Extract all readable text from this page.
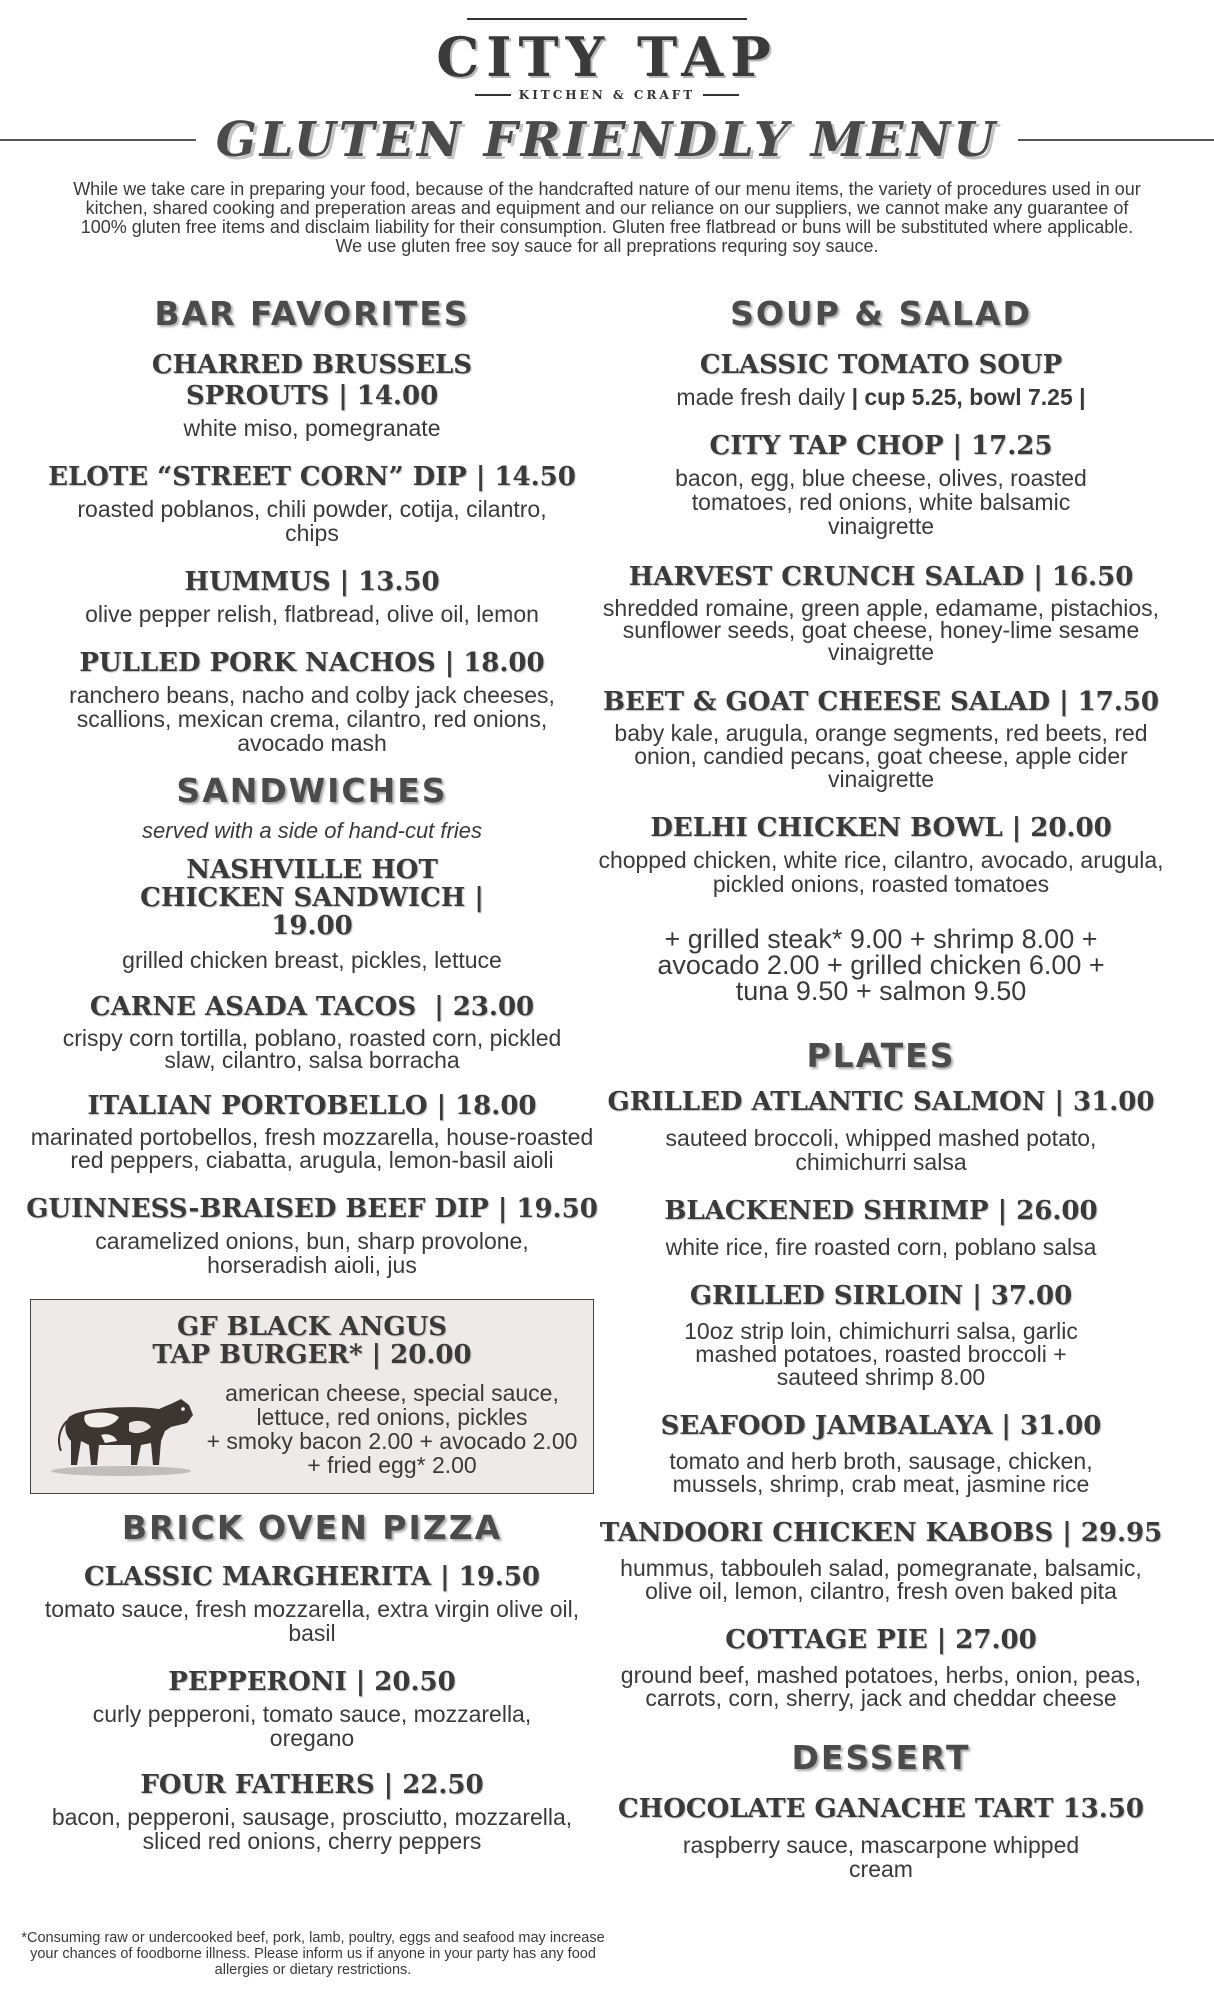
CITY TAP
KITCHEN & CRAFT
GLUTEN FRIENDLY MENU
While we take care in preparing your food, because of the handcrafted nature of our menu items, the variety of procedures used in our kitchen, shared cooking and preperation areas and equipment and our reliance on our suppliers, we cannot make any guarantee of 100% gluten free items and disclaim liability for their consumption. Gluten free flatbread or buns will be substituted where applicable. We use gluten free soy sauce for all preprations requring soy sauce.
BAR FAVORITES
CHARRED BRUSSELS SPROUTS | 14.00
white miso, pomegranate
ELOTE “STREET CORN” DIP | 14.50
roasted poblanos, chili powder, cotija, cilantro, chips
HUMMUS | 13.50
olive pepper relish, flatbread, olive oil, lemon
PULLED PORK NACHOS | 18.00
ranchero beans, nacho and colby jack cheeses, scallions, mexican crema, cilantro, red onions, avocado mash
SANDWICHES
served with a side of hand-cut fries
NASHVILLE HOT CHICKEN SANDWICH | 19.00
grilled chicken breast, pickles, lettuce
CARNE ASADA TACOS  | 23.00
crispy corn tortilla, poblano, roasted corn, pickled slaw, cilantro, salsa borracha
ITALIAN PORTOBELLO | 18.00
marinated portobellos, fresh mozzarella, house-roasted red peppers, ciabatta, arugula, lemon-basil aioli
GUINNESS-BRAISED BEEF DIP | 19.50
caramelized onions, bun, sharp provolone, horseradish aioli, jus
GF BLACK ANGUS
TAP BURGER* | 20.00
american cheese, special sauce, lettuce, red onions, pickles
+ smoky bacon 2.00 + avocado 2.00 + fried egg* 2.00
BRICK OVEN PIZZA
CLASSIC MARGHERITA | 19.50
tomato sauce, fresh mozzarella, extra virgin olive oil, basil
PEPPERONI | 20.50
curly pepperoni, tomato sauce, mozzarella, oregano
FOUR FATHERS | 22.50
bacon, pepperoni, sausage, prosciutto, mozzarella, sliced red onions, cherry peppers
*Consuming raw or undercooked beef, pork, lamb, poultry, eggs and seafood may increase your chances of foodborne illness. Please inform us if anyone in your party has any food allergies or dietary restrictions.
SOUP & SALAD
CLASSIC TOMATO SOUP
made fresh daily | cup 5.25, bowl 7.25 |
CITY TAP CHOP | 17.25
bacon, egg, blue cheese, olives, roasted tomatoes, red onions, white balsamic vinaigrette
HARVEST CRUNCH SALAD | 16.50
shredded romaine, green apple, edamame, pistachios, sunflower seeds, goat cheese, honey-lime sesame vinaigrette
BEET & GOAT CHEESE SALAD | 17.50
baby kale, arugula, orange segments, red beets, red onion, candied pecans, goat cheese, apple cider vinaigrette
DELHI CHICKEN BOWL | 20.00
chopped chicken, white rice, cilantro, avocado, arugula, pickled onions, roasted tomatoes
+ grilled steak* 9.00 + shrimp 8.00 + avocado 2.00 + grilled chicken 6.00 + tuna 9.50 + salmon 9.50
PLATES
GRILLED ATLANTIC SALMON | 31.00
sauteed broccoli, whipped mashed potato, chimichurri salsa
BLACKENED SHRIMP | 26.00
white rice, fire roasted corn, poblano salsa
GRILLED SIRLOIN | 37.00
10oz strip loin, chimichurri salsa, garlic mashed potatoes, roasted broccoli + sauteed shrimp 8.00
SEAFOOD JAMBALAYA | 31.00
tomato and herb broth, sausage, chicken, mussels, shrimp, crab meat, jasmine rice
TANDOORI CHICKEN KABOBS | 29.95
hummus, tabbouleh salad, pomegranate, balsamic, olive oil, lemon, cilantro, fresh oven baked pita
COTTAGE PIE | 27.00
ground beef, mashed potatoes, herbs, onion, peas, carrots, corn, sherry, jack and cheddar cheese
DESSERT
CHOCOLATE GANACHE TART 13.50
raspberry sauce, mascarpone whipped cream
